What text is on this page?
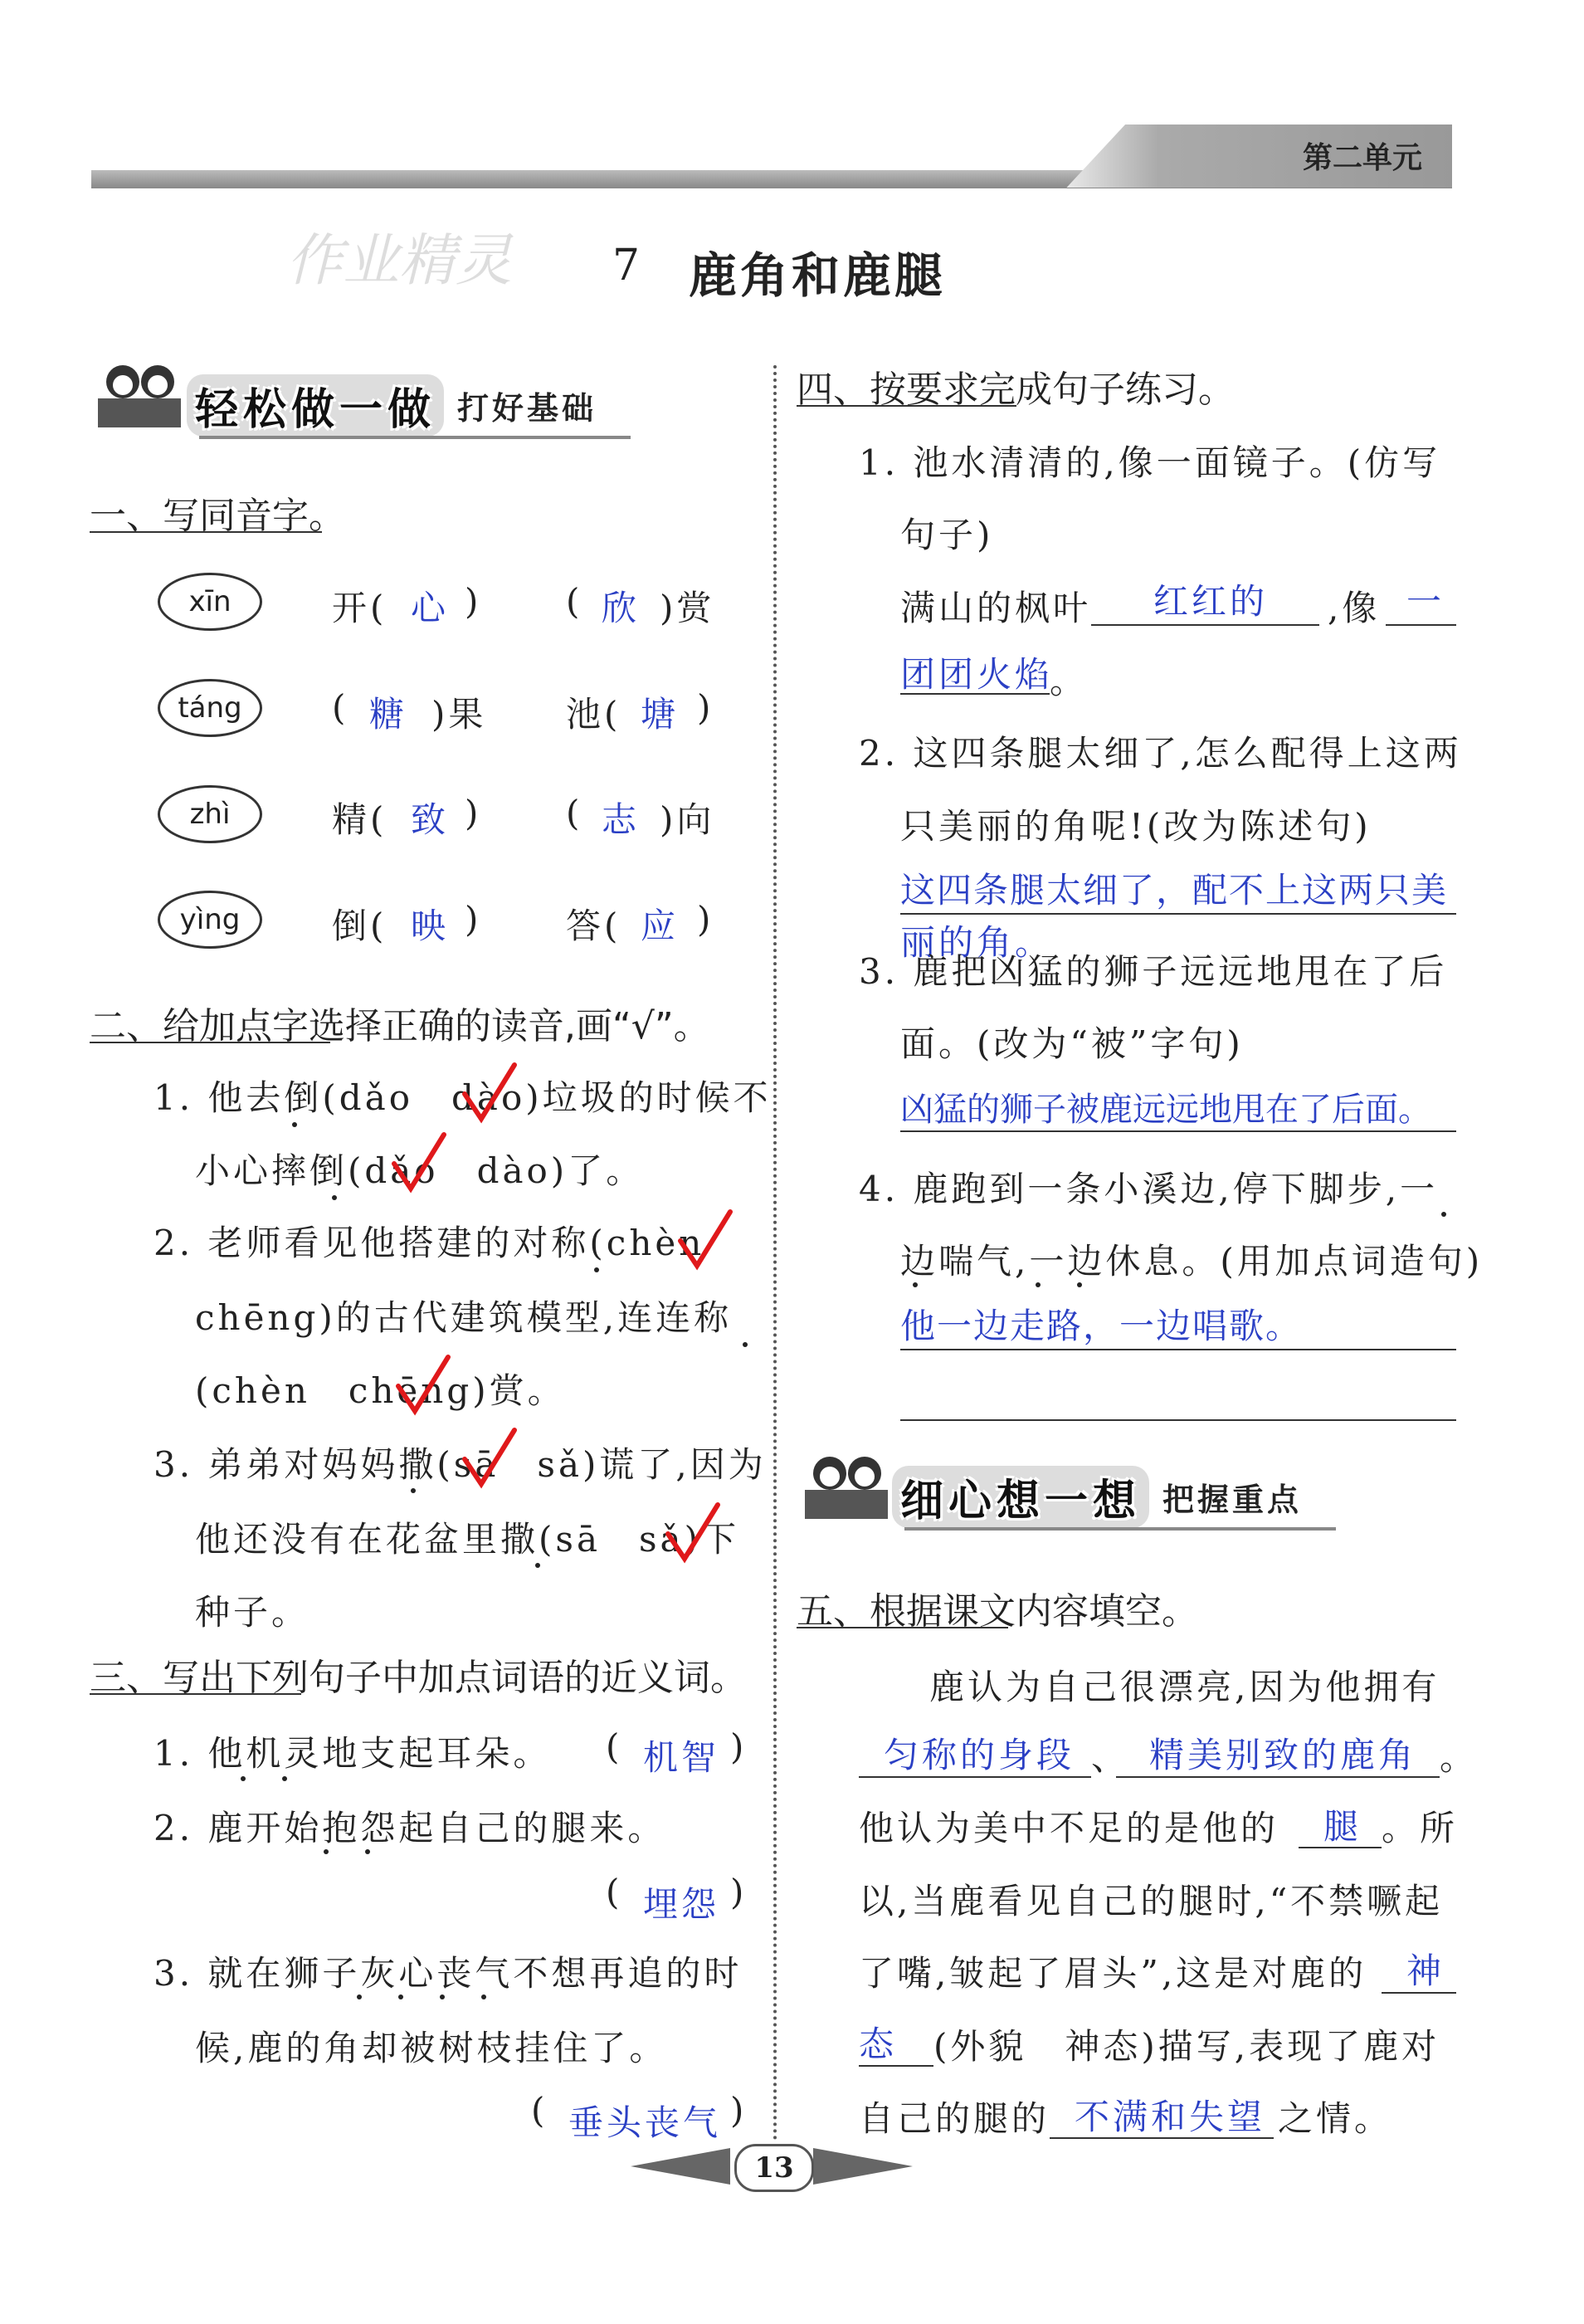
第二单元
作业精灵 7 鹿角和鹿腿
轻松做一做 打好基础
一、写同音字。
xīn	开( 心 ) ( 欣 )赏
táng	( 糖 )果 池( 塘 )
zhì	精( 致 ) ( 志 )向
yìng	倒( 映 ) 答( 应 )
二、给加点字选择正确的读音,画“√”。
1. 他去倒(dǎo　dào)垃圾的时候不
小心摔倒(dǎo　dào)了。
2. 老师看见他搭建的对称(chèn
chēng)的古代建筑模型,连连称
(chèn　chēng)赏。
3. 弟弟对妈妈撒(sā　sǎ)谎了,因为
他还没有在花盆里撒(sā　sǎ)下
种子。
三、写出下列句子中加点词语的近义词。
1. 他机灵地支起耳朵。 ( 机智 )
2. 鹿开始抱怨起自己的腿来。
( 埋怨 )
3. 就在狮子灰心丧气不想再追的时
候,鹿的角却被树枝挂住了。
( 垂头丧气 )
四、按要求完成句子练习。
1. 池水清清的,像一面镜子。(仿写
句子)
满山的枫叶 红红的 ,像 一
团团火焰
。
2. 这四条腿太细了,怎么配得上这两
只美丽的角呢!(改为陈述句)
这四条腿太细了，配不上这两只美
丽的角。
3. 鹿把凶猛的狮子远远地甩在了后
面。(改为“被”字句)
凶猛的狮子被鹿远远地甩在了后面。
4. 鹿跑到一条小溪边,停下脚步,一
边喘气,一边休息。(用加点词造句)
他一边走路，一边唱歌。
细心想一想 把握重点
五、根据课文内容填空。
鹿认为自己很漂亮,因为他拥有
匀称的身段 、 精美别致的鹿角 。
他认为美中不足的是他的 腿 。所
以,当鹿看见自己的腿时,“不禁噘起
了嘴,皱起了眉头”,这是对鹿的 神
态 (外貌　神态)描写,表现了鹿对
自己的腿的 不满和失望 之情。
13
